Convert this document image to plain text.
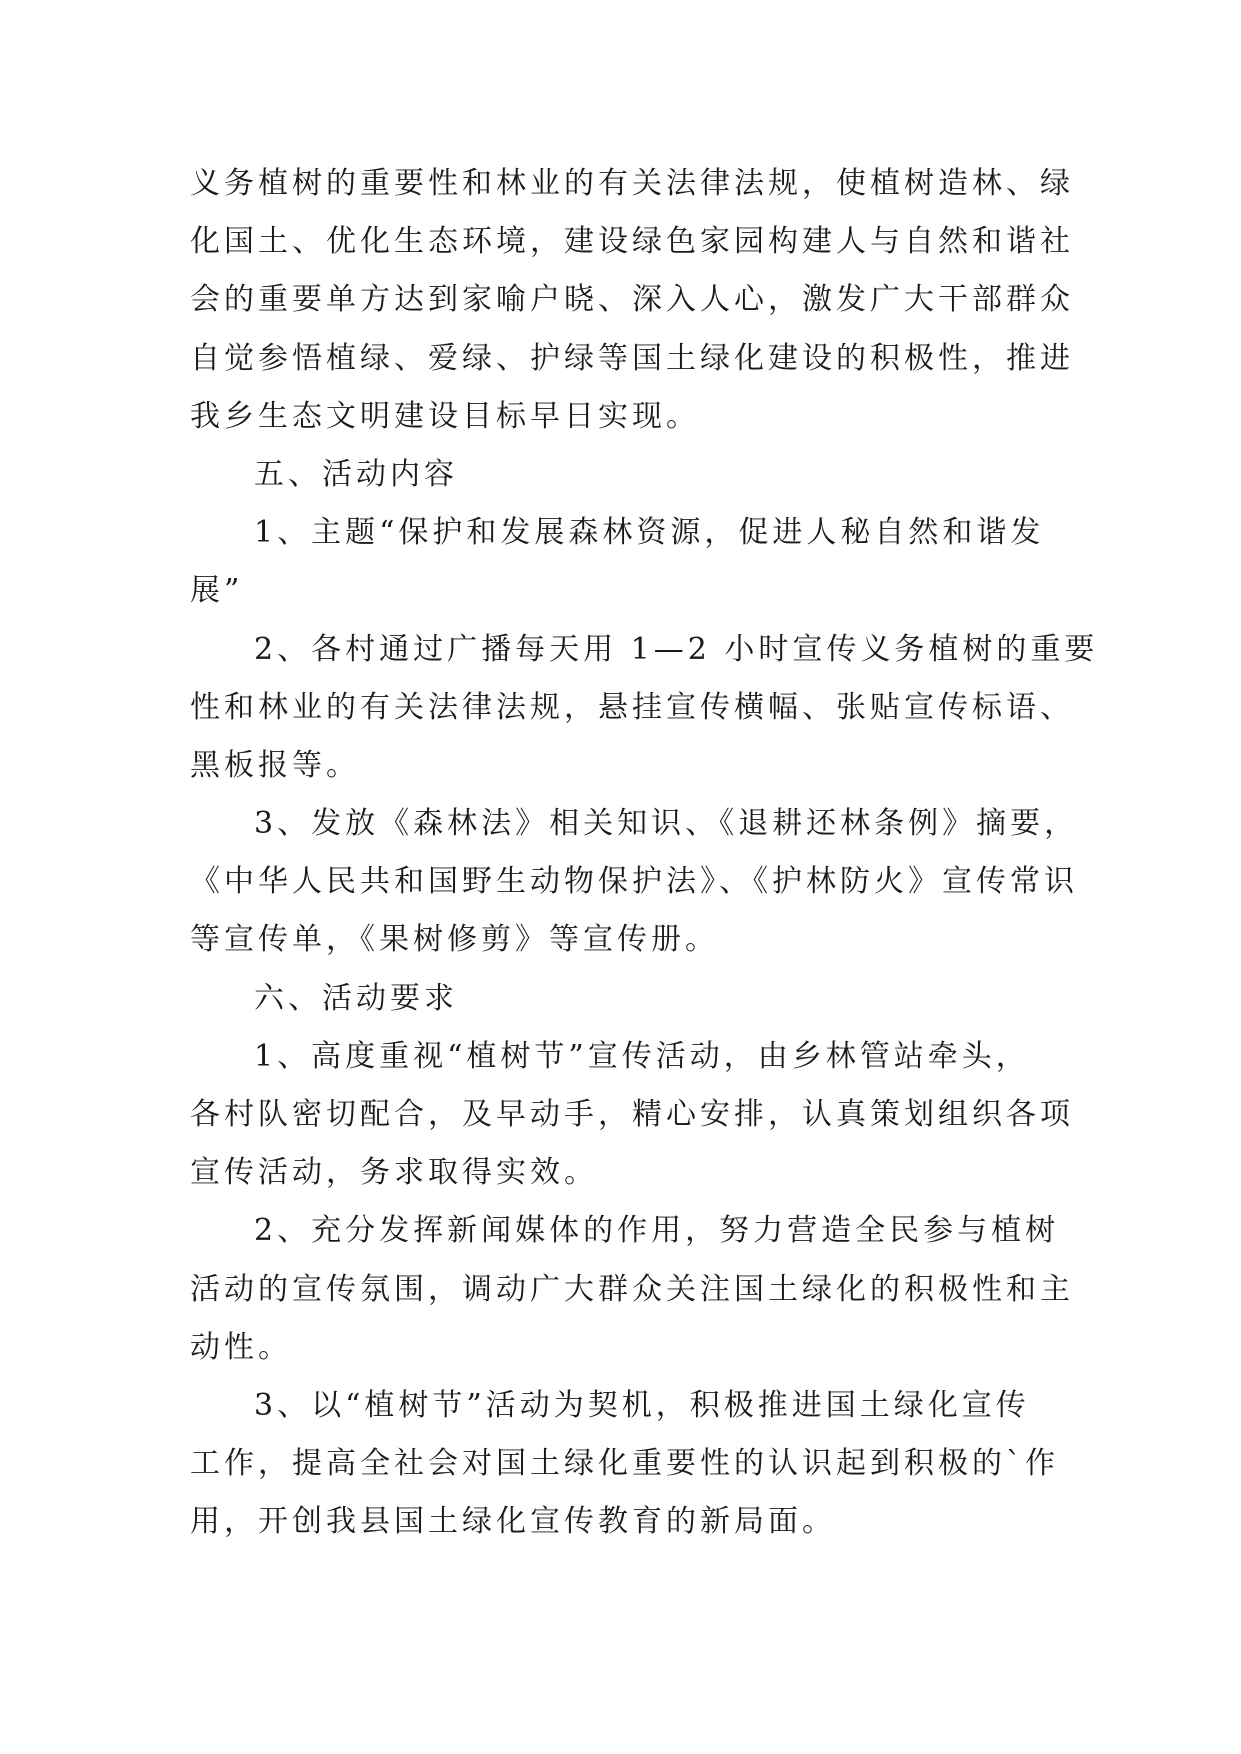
义务植树的重要性和林业的有关法律法规，使植树造林、绿
化国土、优化生态环境，建设绿色家园构建人与自然和谐社
会的重要单方达到家喻户晓、深入人心，激发广大干部群众
自觉参悟植绿、爱绿、护绿等国土绿化建设的积极性，推进
我乡生态文明建设目标早日实现。
五、活动内容
1、主题“保护和发展森林资源，促进人秘自然和谐发
展”
2、各村通过广播每天用 1—2 小时宣传义务植树的重要
性和林业的有关法律法规，悬挂宣传横幅、张贴宣传标语、
黑板报等。
3、发放《森林法》相关知识、《退耕还林条例》摘要，
《中华人民共和国野生动物保护法》、《护林防火》宣传常识
等宣传单，《果树修剪》等宣传册。
六、活动要求
1、高度重视“植树节”宣传活动，由乡林管站牵头，
各村队密切配合，及早动手，精心安排，认真策划组织各项
宣传活动，务求取得实效。
2、充分发挥新闻媒体的作用，努力营造全民参与植树
活动的宣传氛围，调动广大群众关注国土绿化的积极性和主
动性。
3、以“植树节”活动为契机，积极推进国土绿化宣传
工作，提高全社会对国土绿化重要性的认识起到积极的`作
用，开创我县国土绿化宣传教育的新局面。
